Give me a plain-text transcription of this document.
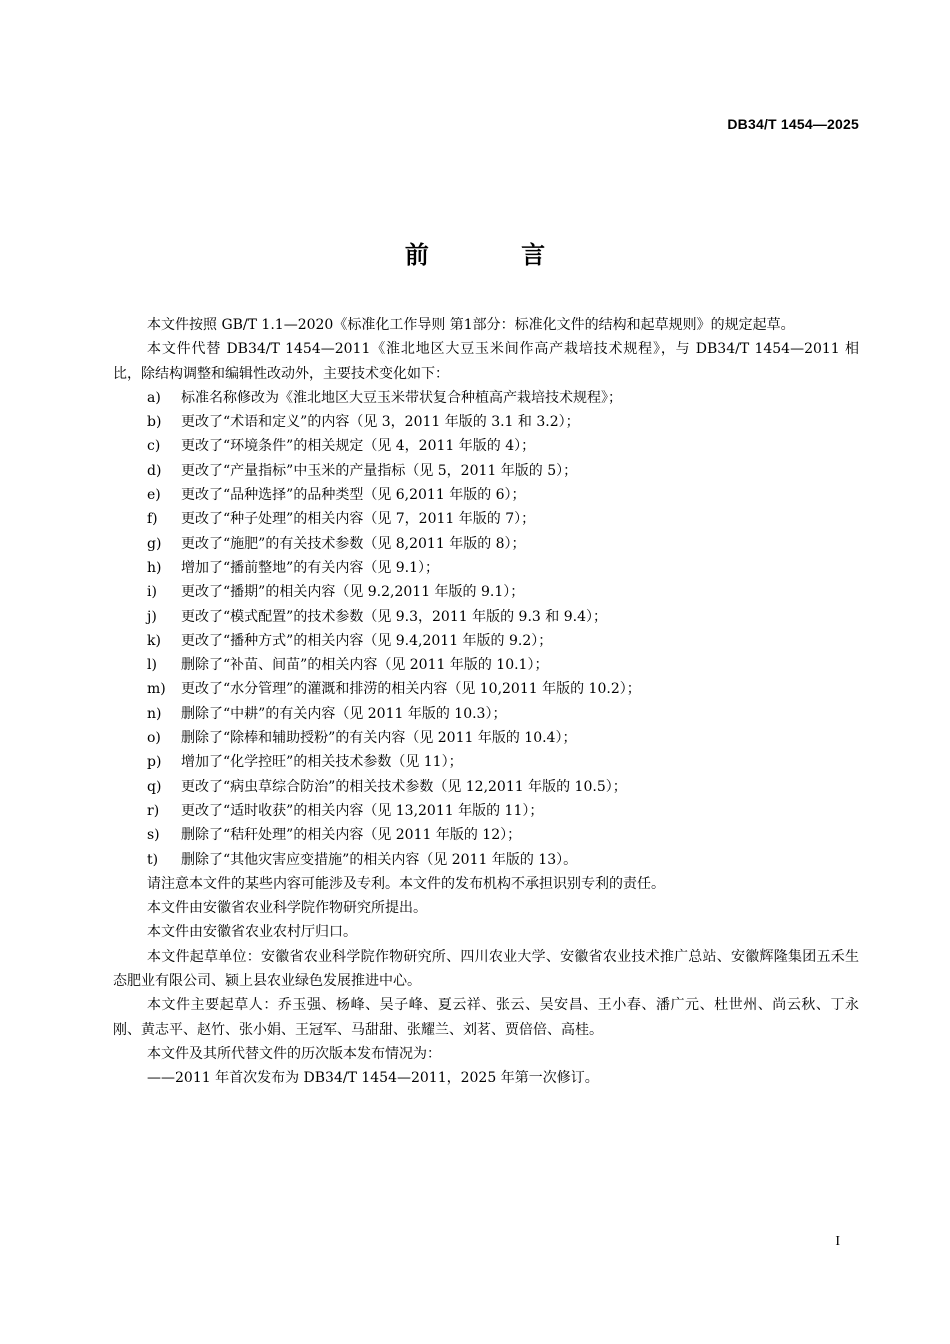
DB34/T 1454—2025
前 言

本文件按照 GB/T 1.1—2020《标准化工作导则 第1部分：标准化文件的结构和起草规则》的规定起草。

本文件代替 DB34/T 1454—2011《淮北地区大豆玉米间作高产栽培技术规程》，与 DB34/T 1454—2011 相比，除结构调整和编辑性改动外，主要技术变化如下：

a) 标准名称修改为《淮北地区大豆玉米带状复合种植高产栽培技术规程》；

b) 更改了“术语和定义”的内容（见 3，2011 年版的 3.1 和 3.2）；

c) 更改了“环境条件”的相关规定（见 4，2011 年版的 4）；

d) 更改了“产量指标”中玉米的产量指标（见 5，2011 年版的 5）；

e) 更改了“品种选择”的品种类型（见 6,2011 年版的 6）；

f) 更改了“种子处理”的相关内容（见 7，2011 年版的 7）；

g) 更改了“施肥”的有关技术参数（见 8,2011 年版的 8）；

h) 增加了“播前整地”的有关内容（见 9.1）；

i) 更改了“播期”的相关内容（见 9.2,2011 年版的 9.1）；

j) 更改了“模式配置”的技术参数（见 9.3，2011 年版的 9.3 和 9.4）；

k) 更改了“播种方式”的相关内容（见 9.4,2011 年版的 9.2）；

l) 删除了“补苗、间苗”的相关内容（见 2011 年版的 10.1）；

m) 更改了“水分管理”的灌溉和排涝的相关内容（见 10,2011 年版的 10.2）；

n) 删除了“中耕”的有关内容（见 2011 年版的 10.3）；

o) 删除了“除棒和辅助授粉”的有关内容（见 2011 年版的 10.4）；

p) 增加了“化学控旺”的相关技术参数（见 11）；

q) 更改了“病虫草综合防治”的相关技术参数（见 12,2011 年版的 10.5）；

r) 更改了“适时收获”的相关内容（见 13,2011 年版的 11）；

s) 删除了“秸秆处理”的相关内容（见 2011 年版的 12）；

t) 删除了“其他灾害应变措施”的相关内容（见 2011 年版的 13）。

请注意本文件的某些内容可能涉及专利。本文件的发布机构不承担识别专利的责任。

本文件由安徽省农业科学院作物研究所提出。

本文件由安徽省农业农村厅归口。

本文件起草单位：安徽省农业科学院作物研究所、四川农业大学、安徽省农业技术推广总站、安徽辉隆集团五禾生态肥业有限公司、颍上县农业绿色发展推进中心。

本文件主要起草人：乔玉强、杨峰、吴子峰、夏云祥、张云、吴安昌、王小春、潘广元、杜世州、尚云秋、丁永刚、黄志平、赵竹、张小娟、王冠军、马甜甜、张耀兰、刘茗、贾倍倍、高桂。

本文件及其所代替文件的历次版本发布情况为：

——2011 年首次发布为 DB34/T 1454—2011，2025 年第一次修订。

I
